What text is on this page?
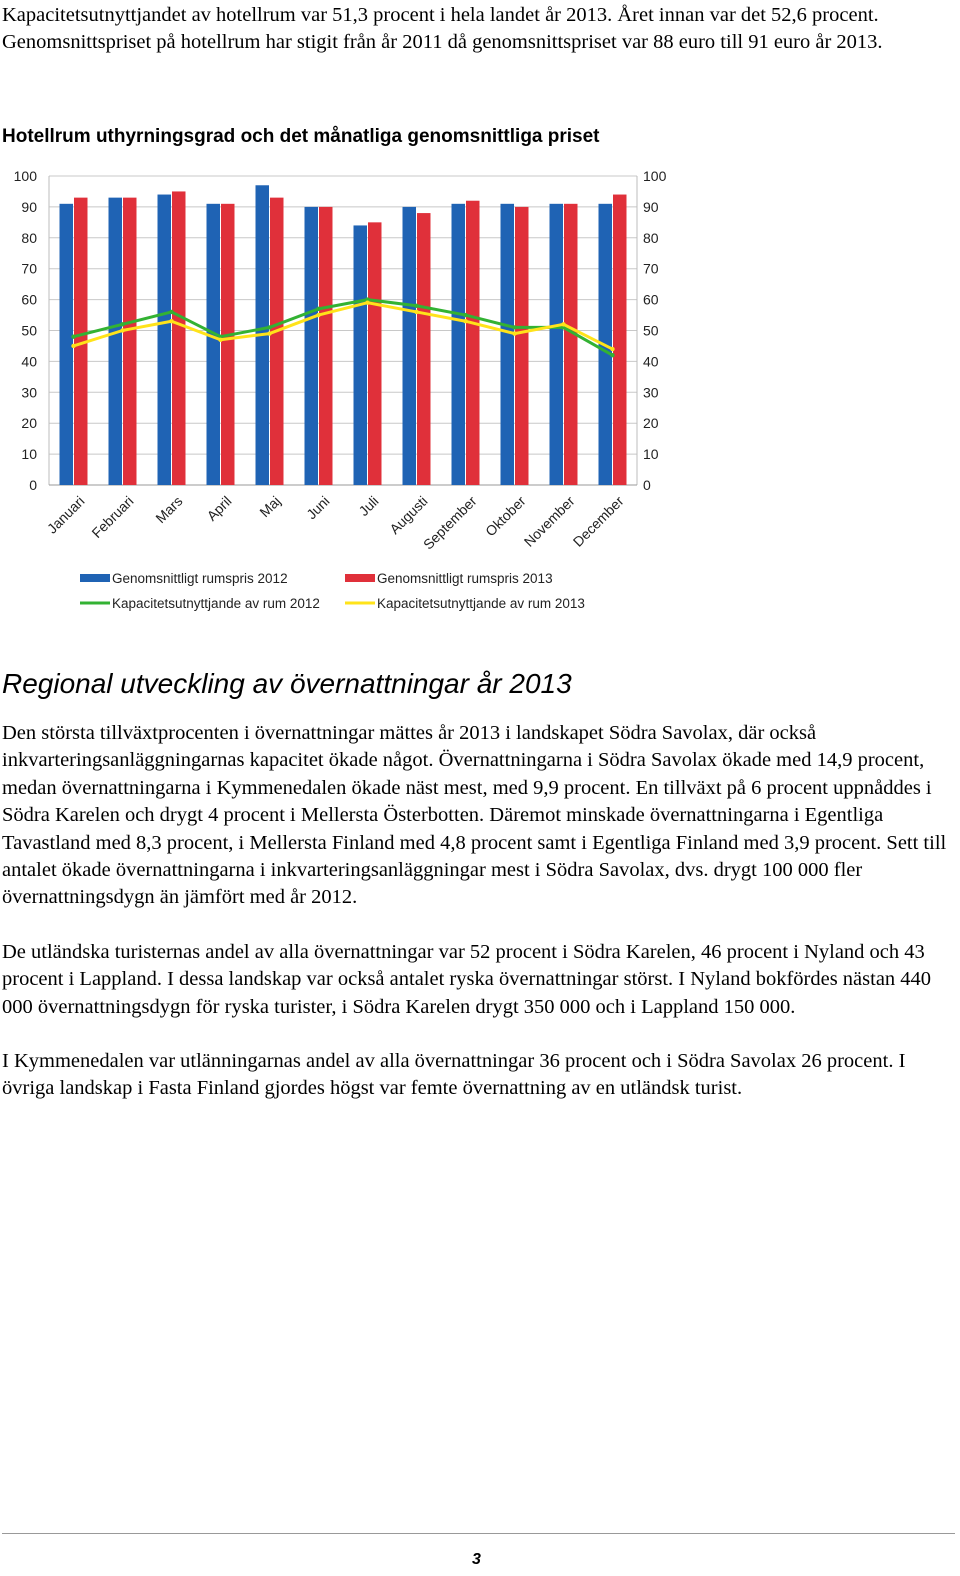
Kapacitetsutnyttjandet av hotellrum var 51,3 procent i hela landet år 2013. Året innan var det 52,6 procent. Genomsnittspriset på hotellrum har stigit från år 2011 då genomsnittspriset var 88 euro till 91 euro år 2013.
Hotellrum uthyrningsgrad och det månatliga genomsnittliga priset
0	0
10	10
20	20
30	30
40	40
50	50
60	60
70	70
80	80
90	90
100	100
Januari Februari Mars April Maj Juni Juli Augusti
September Oktober
November
December
Genomsnittligt rumspris 2012	Genomsnittligt rumspris 2013
Kapacitetsutnyttjande av rum 2012	Kapacitetsutnyttjande av rum 2013
Regional utveckling av övernattningar år 2013

Den största tillväxtprocenten i övernattningar mättes år 2013 i landskapet Södra Savolax, där också inkvarteringsanläggningarnas kapacitet ökade något. Övernattningarna i Södra Savolax ökade med 14,9 procent, medan övernattningarna i Kymmenedalen ökade näst mest, med 9,9 procent. En tillväxt på 6 procent uppnåddes i Södra Karelen och drygt 4 procent i Mellersta Österbotten. Däremot minskade övernattningarna i Egentliga Tavastland med 8,3 procent, i Mellersta Finland med 4,8 procent samt i Egentliga Finland med 3,9 procent. Sett till antalet ökade övernattningarna i inkvarteringsanläggningar mest i Södra Savolax, dvs. drygt 100 000 fler övernattningsdygn än jämfört med år 2012.

De utländska turisternas andel av alla övernattningar var 52 procent i Södra Karelen, 46 procent i Nyland och 43 procent i Lappland. I dessa landskap var också antalet ryska övernattningar störst. I Nyland bokfördes nästan 440 000 övernattningsdygn för ryska turister, i Södra Karelen drygt 350 000 och i Lappland 150 000.

I Kymmenedalen var utlänningarnas andel av alla övernattningar 36 procent och i Södra Savolax 26 procent. I övriga landskap i Fasta Finland gjordes högst var femte övernattning av en utländsk turist.

3
